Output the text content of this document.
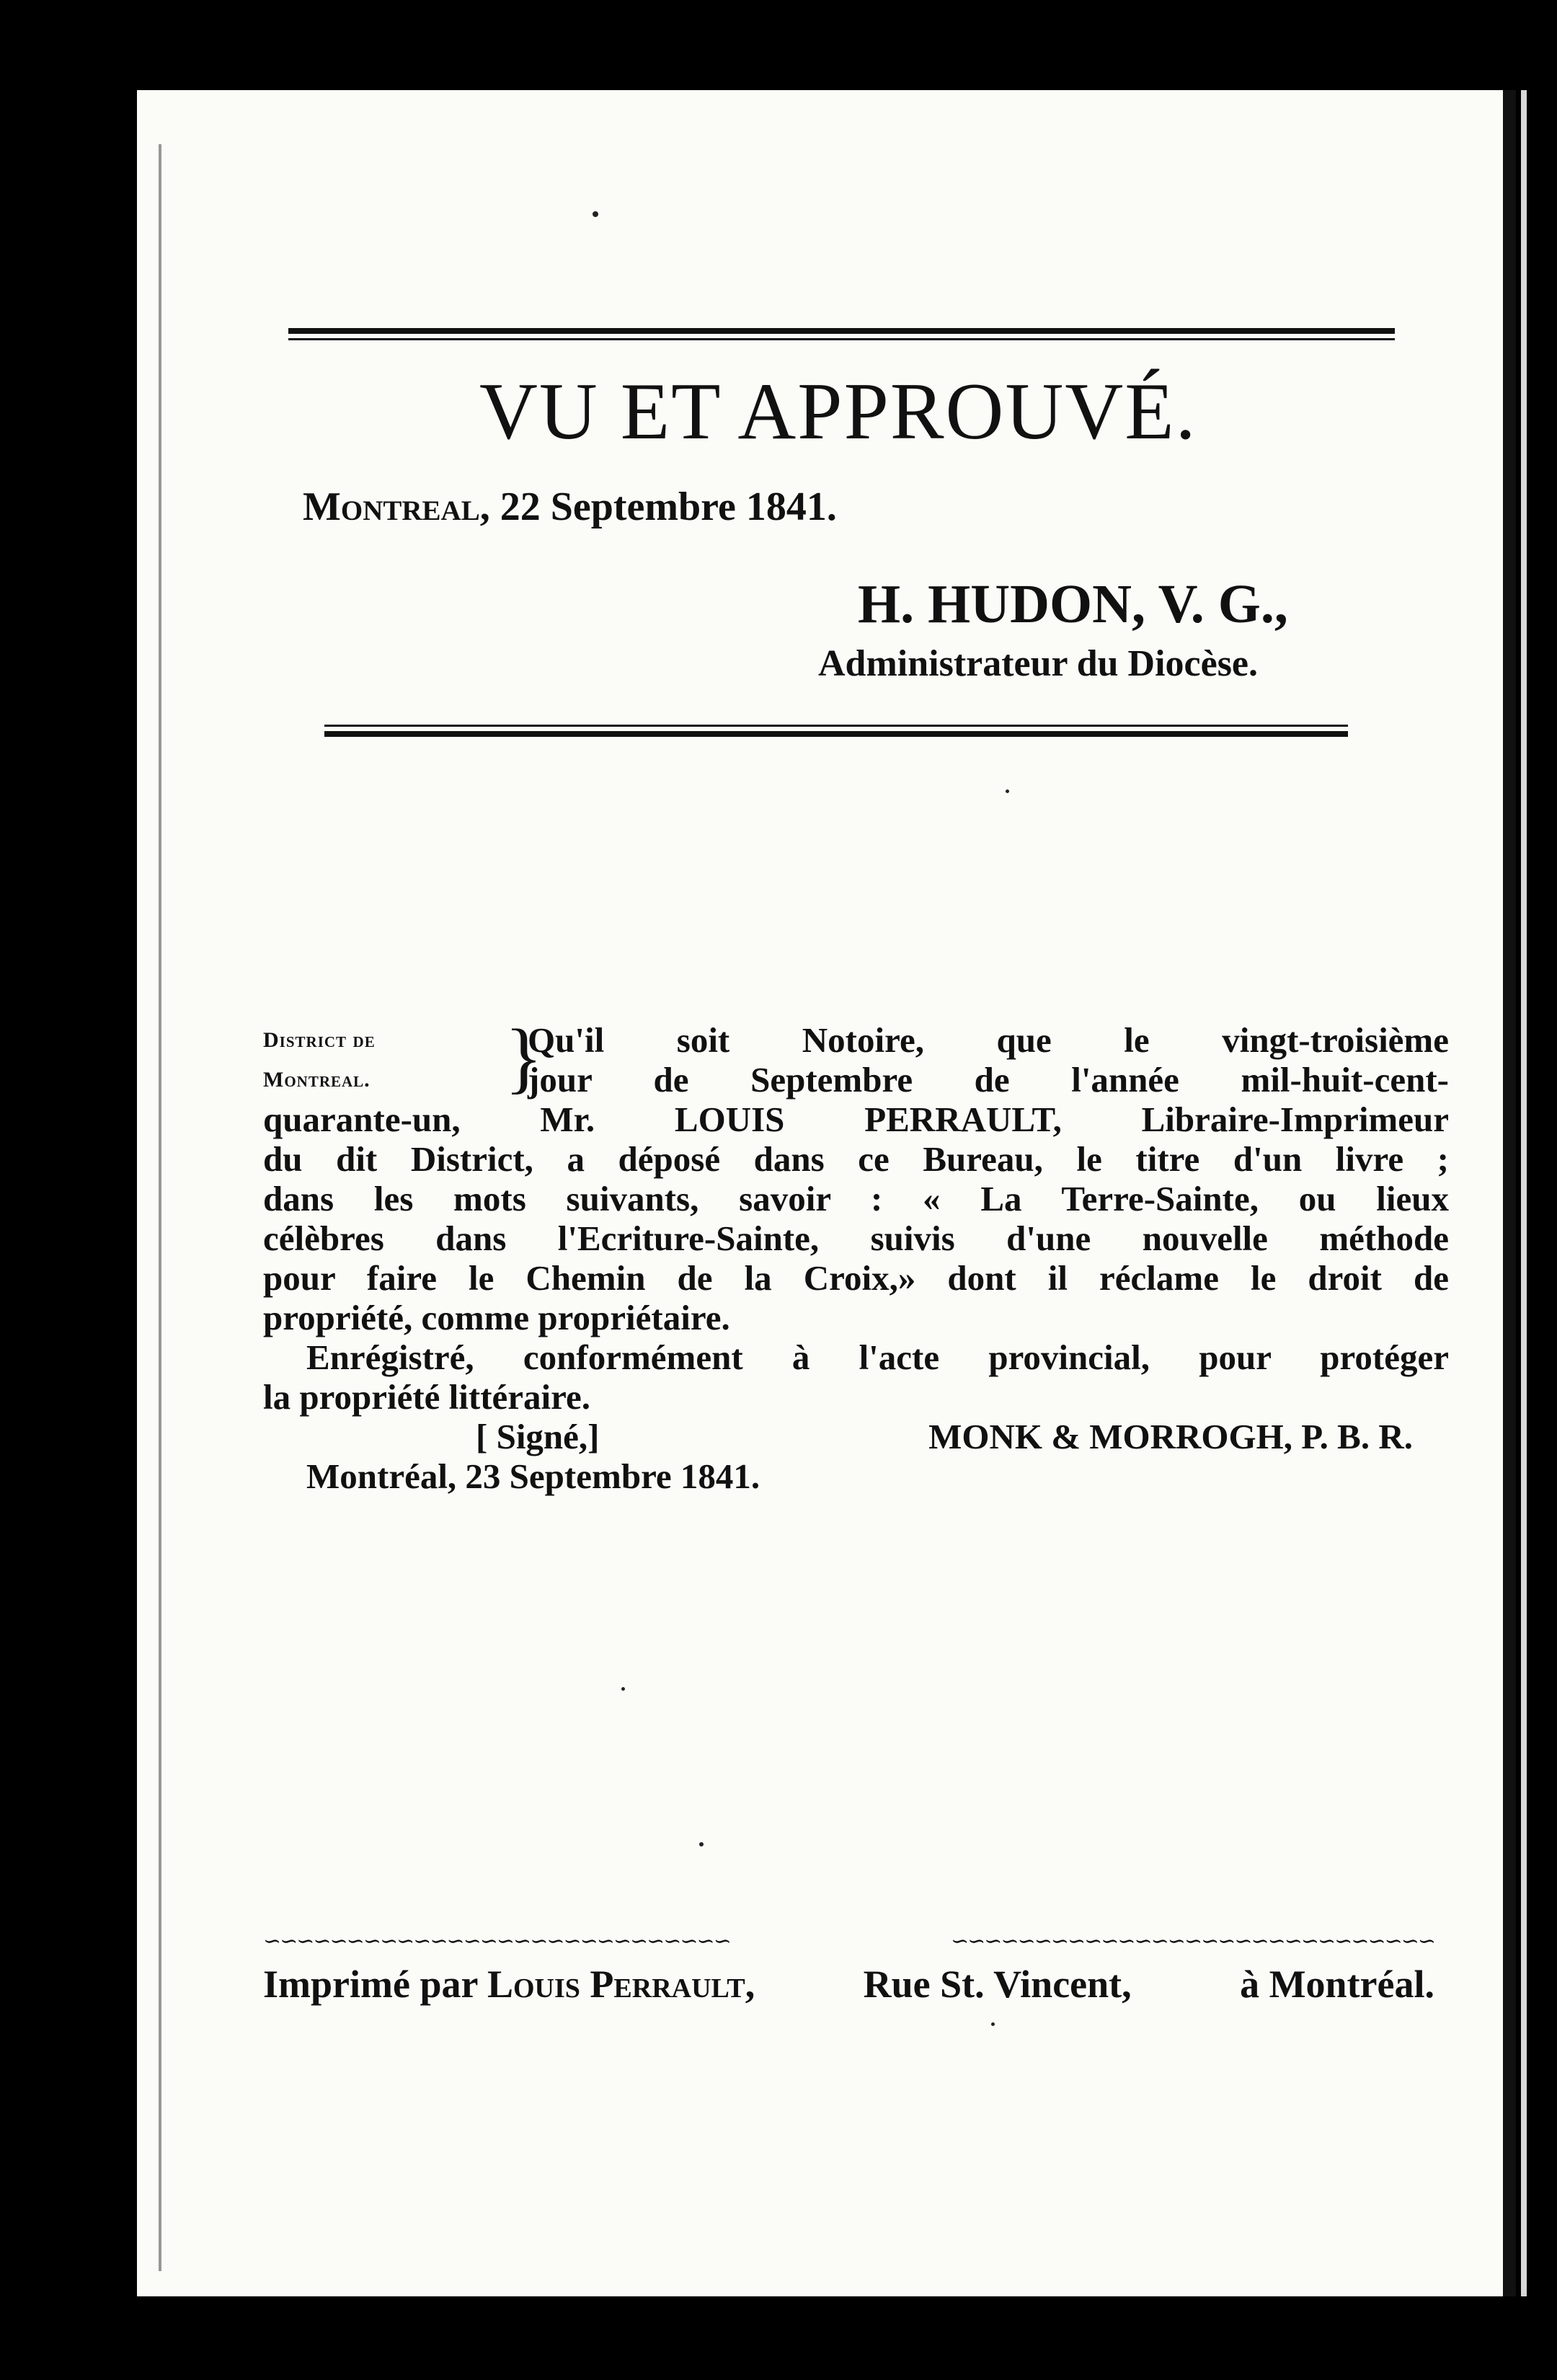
VU ET APPROUVÉ.
Montreal, 22 Septembre 1841.
H. HUDON, V. G.,
Administrateur du Diocèse.
District de
Montreal.	}
Qu'il soit Notoire, que le vingt-troisième
jour de Septembre de l'année mil-huit-cent-
quarante-un, Mr. LOUIS PERRAULT, Libraire-Imprimeur
du dit District, a déposé dans ce Bureau, le titre d'un livre ;
dans les mots suivants, savoir : « La Terre-Sainte, ou lieux
célèbres dans l'Ecriture-Sainte, suivis d'une nouvelle méthode
pour faire le Chemin de la Croix,» dont il réclame le droit de
propriété, comme propriétaire.
Enrégistré, conformément à l'acte provincial, pour protéger
la propriété littéraire.
[ Signé,]	MONK & MORROGH, P. B. R.
Montréal, 23 Septembre 1841.
∽∽∽∽∽∽∽∽∽∽∽∽∽∽∽∽∽∽∽∽∽∽∽∽∽∽∽∽	∽∽∽∽∽∽∽∽∽∽∽∽∽∽∽∽∽∽∽∽∽∽∽∽∽∽∽∽∽
Imprimé par Louis Perrault,	Rue St. Vincent,	à Montréal.
